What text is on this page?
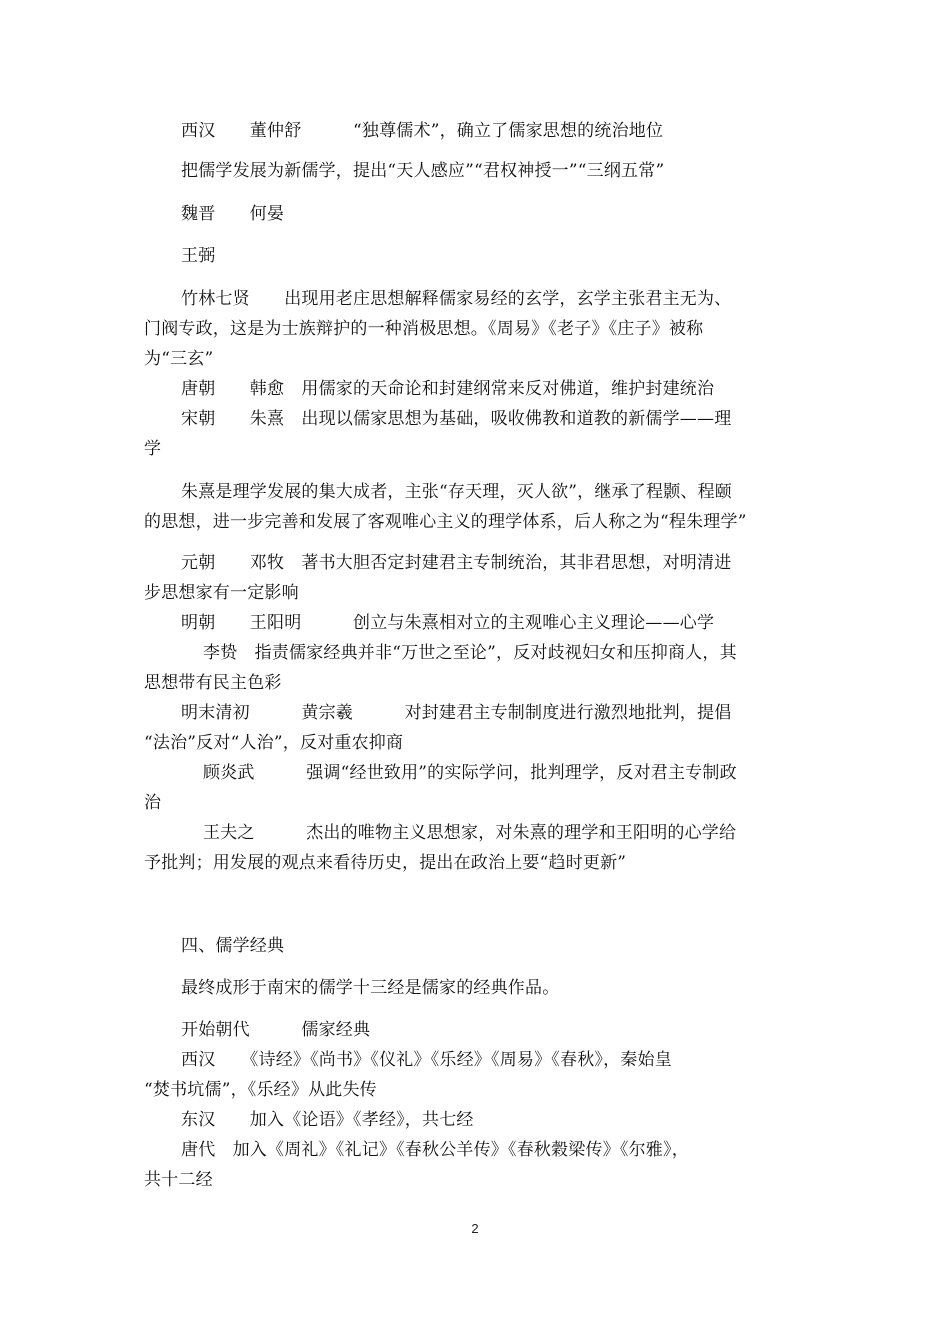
西汉　　董仲舒　　　“独尊儒术”，确立了儒家思想的统治地位

把儒学发展为新儒学，提出“天人感应”“君权神授一”“三纲五常”

魏晋　　何晏

王弼

竹林七贤　　出现用老庄思想解释儒家易经的玄学，玄学主张君主无为、

门阀专政，这是为士族辩护的一种消极思想。《周易》《老子》《庄子》被称

为“三玄”

唐朝　　韩愈　用儒家的天命论和封建纲常来反对佛道，维护封建统治

宋朝　　朱熹　出现以儒家思想为基础，吸收佛教和道教的新儒学——理

学

朱熹是理学发展的集大成者，主张“存天理，灭人欲”，继承了程颢、程颐

的思想，进一步完善和发展了客观唯心主义的理学体系，后人称之为“程朱理学”

元朝　　邓牧　著书大胆否定封建君主专制统治，其非君思想，对明清进

步思想家有一定影响

明朝　　王阳明　　　创立与朱熹相对立的主观唯心主义理论——心学

李贽　指责儒家经典并非“万世之至论”，反对歧视妇女和压抑商人，其

思想带有民主色彩

明末清初　　　黄宗羲　　　对封建君主专制制度进行激烈地批判，提倡

“法治”反对“人治”，反对重农抑商

顾炎武　　　强调“经世致用”的实际学问，批判理学，反对君主专制政

治

王夫之　　　杰出的唯物主义思想家，对朱熹的理学和王阳明的心学给

予批判；用发展的观点来看待历史，提出在政治上要“趋时更新”

四、儒学经典

最终成形于南宋的儒学十三经是儒家的经典作品。

开始朝代　　　儒家经典

西汉　　《诗经》《尚书》《仪礼》《乐经》《周易》《春秋》，秦始皇

“焚书坑儒”，《乐经》从此失传

东汉　　加入《论语》《孝经》，共七经

唐代　加入《周礼》《礼记》《春秋公羊传》《春秋穀梁传》《尔雅》，

共十二经

2
